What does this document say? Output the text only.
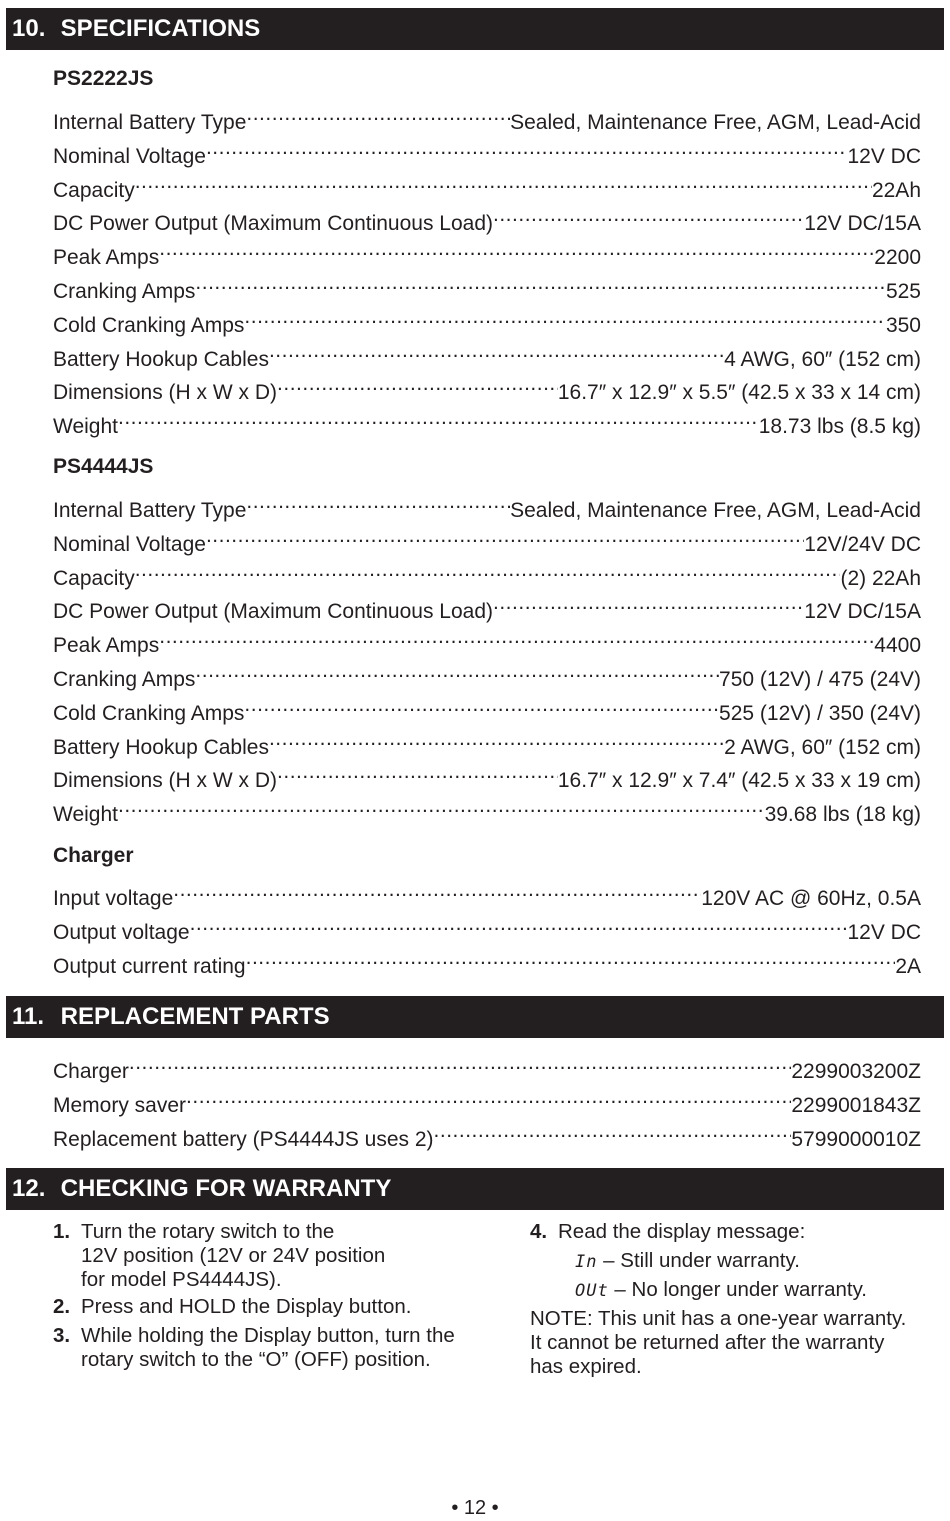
10. SPECIFICATIONS
PS2222JS
Internal Battery Type .....	Sealed, Maintenance Free, AGM, Lead-Acid
Nominal Voltage .....	12V DC
Capacity .....	22Ah
DC Power Output (Maximum Continuous Load) .....	12V DC/15A
Peak Amps .....	2200
Cranking Amps .....	525
Cold Cranking Amps .....	350
Battery Hookup Cables .....	4 AWG, 60″ (152 cm)
Dimensions (H x W x D) .....	16.7″ x 12.9″ x 5.5″ (42.5 x 33 x 14 cm)
Weight .....	18.73 lbs (8.5 kg)
PS4444JS
Internal Battery Type .....	Sealed, Maintenance Free, AGM, Lead-Acid
Nominal Voltage .....	12V/24V DC
Capacity .....	(2) 22Ah
DC Power Output (Maximum Continuous Load) .....	12V DC/15A
Peak Amps .....	4400
Cranking Amps .....	750 (12V) / 475 (24V)
Cold Cranking Amps .....	525 (12V) / 350 (24V)
Battery Hookup Cables .....	2 AWG, 60″ (152 cm)
Dimensions (H x W x D) .....	16.7″ x 12.9″ x 7.4″ (42.5 x 33 x 19 cm)
Weight .....	39.68 lbs (18 kg)
Charger
Input voltage .....	120V AC @ 60Hz, 0.5A
Output voltage .....	12V DC
Output current rating .....	2A
11. REPLACEMENT PARTS
Charger .....	2299003200Z
Memory saver .....	2299001843Z
Replacement battery (PS4444JS uses 2) .....	5799000010Z
12. CHECKING FOR WARRANTY
1. Turn the rotary switch to the
12V position (12V or 24V position
for model PS4444JS).
2. Press and HOLD the Display button.
3. While holding the Display button, turn the
rotary switch to the “O” (OFF) position.
4. Read the display message:
In – Still under warranty.
OUt – No longer under warranty.
NOTE: This unit has a one-year warranty.
It cannot be returned after the warranty
has expired.
• 12 •
